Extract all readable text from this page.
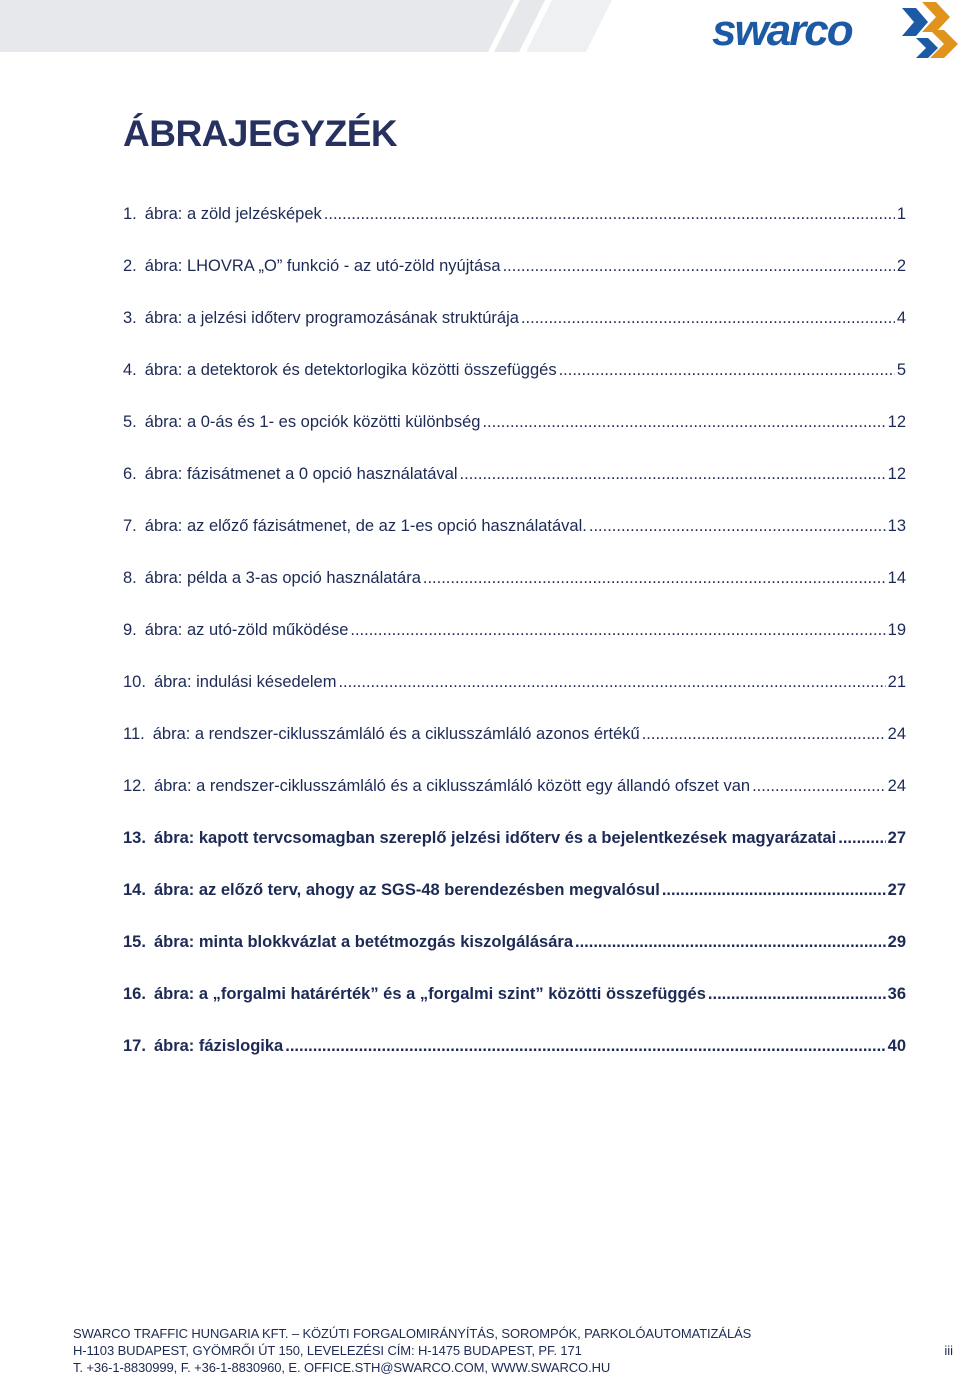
swarco
ÁBRAJEGYZÉK
1. ábra: a zöld jelzésképek .....	1
2. ábra: LHOVRA „O” funkció - az utó-zöld nyújtása .....	2
3. ábra: a jelzési időterv programozásának struktúrája .....	4
4. ábra: a detektorok és detektorlogika közötti összefüggés .....	5
5. ábra: a 0-ás és 1- es opciók közötti különbség .....	12
6. ábra: fázisátmenet a 0 opció használatával .....	12
7. ábra: az előző fázisátmenet, de az 1-es opció használatával. .....	13
8. ábra: példa a 3-as opció használatára .....	14
9. ábra: az utó-zöld működése .....	19
10. ábra: indulási késedelem .....	21
11. ábra: a rendszer-ciklusszámláló és a ciklusszámláló azonos értékű .....	24
12. ábra: a rendszer-ciklusszámláló és a ciklusszámláló között egy állandó ofszet van .....	24
13. ábra: kapott tervcsomagban szereplő jelzési időterv és a bejelentkezések magyarázatai .....	27
14. ábra: az előző terv, ahogy az SGS-48 berendezésben megvalósul .....	27
15. ábra: minta blokkvázlat a betétmozgás kiszolgálására .....	29
16. ábra: a „forgalmi határérték” és a „forgalmi szint” közötti összefüggés .....	36
17. ábra: fázislogika .....	40
SWARCO TRAFFIC HUNGARIA KFT. – KÖZÚTI FORGALOMIRÁNYÍTÁS, SOROMPÓK, PARKOLÓAUTOMATIZÁLÁS
H-1103 BUDAPEST, GYÖMRŐI ÚT 150, LEVELEZÉSI CÍM: H-1475 BUDAPEST, PF. 171
T. +36-1-8830999, F. +36-1-8830960, E. OFFICE.STH@SWARCO.COM, WWW.SWARCO.HU
iii
